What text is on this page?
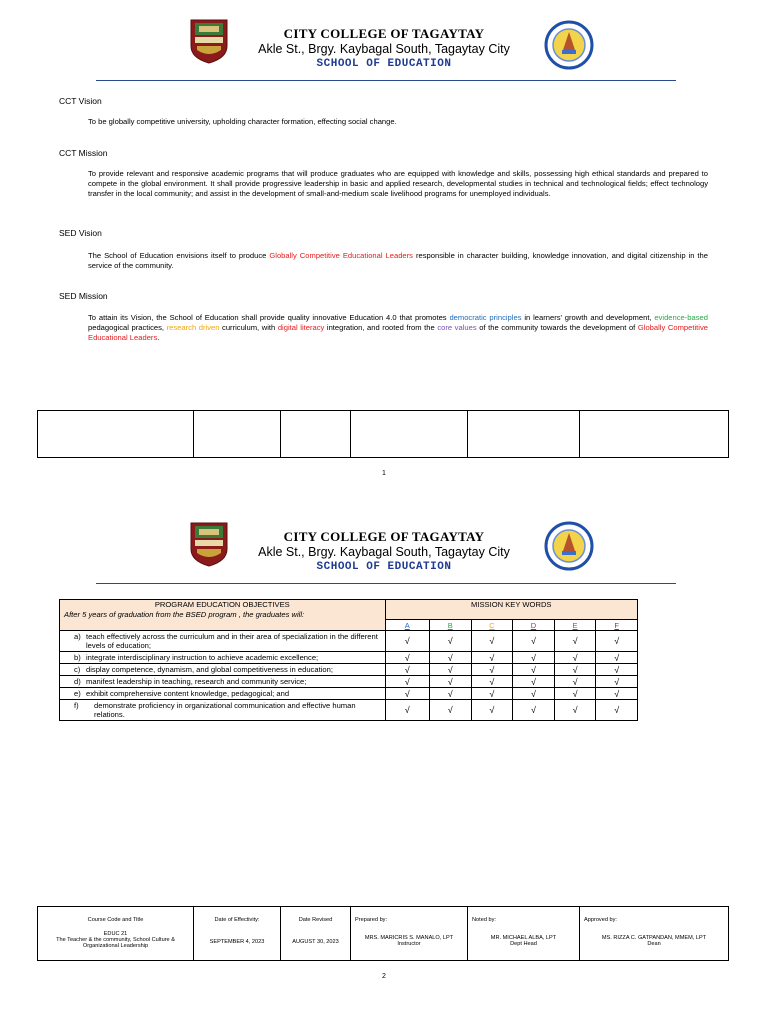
CITY COLLEGE OF TAGAYTAY
Akle St., Brgy. Kaybagal South, Tagaytay City
SCHOOL OF EDUCATION
CCT Vision
To be globally competitive university, upholding character formation, effecting social change.
CCT Mission
To provide relevant and responsive academic programs that will produce graduates who are equipped with knowledge and skills, possessing high ethical standards and prepared to compete in the global environment. It shall provide progressive leadership in basic and applied research, developmental studies in technical and technological fields; effect technology transfer in the local community; and assist in the development of small-and-medium scale livelihood programs for unemployed individuals.
SED Vision
The School of Education envisions itself to produce Globally Competitive Educational Leaders responsible in character building, knowledge innovation, and digital citizenship in the service of the community.
SED Mission
To attain its Vision, the School of Education shall provide quality innovative Education 4.0 that promotes democratic principles in learners' growth and development, evidence-based pedagogical practices, research driven curriculum, with digital literacy integration, and rooted from the core values of the community towards the development of Globally Competitive Educational Leaders.

1
CITY COLLEGE OF TAGAYTAY
Akle St., Brgy. Kaybagal South, Tagaytay City
SCHOOL OF EDUCATION
PROGRAM EDUCATION OBJECTIVES	MISSION KEY WORDS					
After 5 years of graduation from the BSED program , the graduates will:						
	A	B	C	D	E	F

a) teach effectively across the curriculum and in their area of specialization in the different levels of education;	√	√	√	√	√	√

b) integrate interdisciplinary instruction to achieve academic excellence;	√	√	√	√	√	√

c) display competence, dynamism, and global competitiveness in education;	√	√	√	√	√	√

d) manifest leadership in teaching, research and community service;	√	√	√	√	√	√

e) exhibit comprehensive content knowledge, pedagogical; and	√	√	√	√	√	√

f) demonstrate proficiency in organizational communication and effective human relations.	√	√	√	√	√	√
Course Code and Title
EDUC 21
The Teacher & the community, School Culture & Organizational Leadership

Date of Effectivity:
SEPTEMBER 4, 2023

Date Revised
AUGUST 30, 2023

Prepared by:
MRS. MARICRIS S. MANALO, LPT
Instructor

Noted by:
MR. MICHAEL ALBA, LPT
Dept Head

Approved by:
MS. RIZZA C. GATPANDAN, MMEM, LPT
Dean
2
